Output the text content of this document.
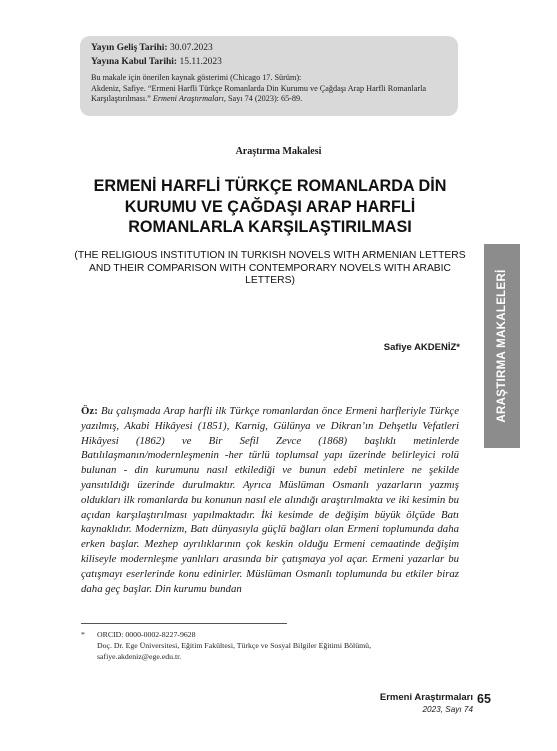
Yayın Geliş Tarihi: 30.07.2023
Yayına Kabul Tarihi: 15.11.2023
Bu makale için önerilen kaynak gösterimi (Chicago 17. Sürüm):
Akdeniz, Safiye. “Ermeni Harfli Türkçe Romanlarda Din Kurumu ve Çağdaşı Arap Harfli Romanlarla Karşılaştırılması.” Ermeni Araştırmaları, Sayı 74 (2023): 65-89.
Araştırma Makalesi
ERMENİ HARFLİ TÜRKÇE ROMANLARDA DİN KURUMU VE ÇAĞDAŞI ARAP HARFLİ ROMANLARLA KARŞILAŞTIRILMASI
(THE RELIGIOUS INSTITUTION IN TURKISH NOVELS WITH ARMENIAN LETTERS AND THEIR COMPARISON WITH CONTEMPORARY NOVELS WITH ARABIC LETTERS)
Safiye AKDENİZ*	ARAŞTIRMA MAKALELERİ
Öz: Bu çalışmada Arap harfli ilk Türkçe romanlardan önce Ermeni harfleriyle Türkçe yazılmış, Akabi Hikâyesi (1851), Karnig, Gülünya ve Dikran’ın Dehşetlu Vefatleri Hikâyesi (1862) ve Bir Sefil Zevce (1868) başlıklı metinlerde Batılılaşmanın/modernleşmenin -her türlü toplumsal yapı üzerinde belirleyici rolü bulunan - din kurumunu nasıl etkilediği ve bunun edebî metinlere ne şekilde yansıtıldığı üzerinde durulmaktır. Ayrıca Müslüman Osmanlı yazarların yazmış oldukları ilk romanlarda bu konunun nasıl ele alındığı araştırılmakta ve iki kesimin bu açıdan karşılaştırılması yapılmaktadır. İki kesimde de değişim büyük ölçüde Batı kaynaklıdır. Modernizm, Batı dünyasıyla güçlü bağları olan Ermeni toplumunda daha erken başlar. Mezhep ayrılıklarının çok keskin olduğu Ermeni cemaatinde değişim kiliseyle modernleşme yanlıları arasında bir çatışmaya yol açar. Ermeni yazarlar bu çatışmayı eserlerinde konu edinirler. Müslüman Osmanlı toplumunda bu etkiler biraz daha geç başlar. Din kurumu bundan
*	ORCID: 0000-0002-8227-9628
Doç. Dr. Ege Üniversitesi, Eğitim Fakültesi, Türkçe ve Sosyal Bilgiler Eğitimi Bölümü,
safiye.akdeniz@ege.edu.tr.
Ermeni Araştırmaları
2023, Sayı 74
65
